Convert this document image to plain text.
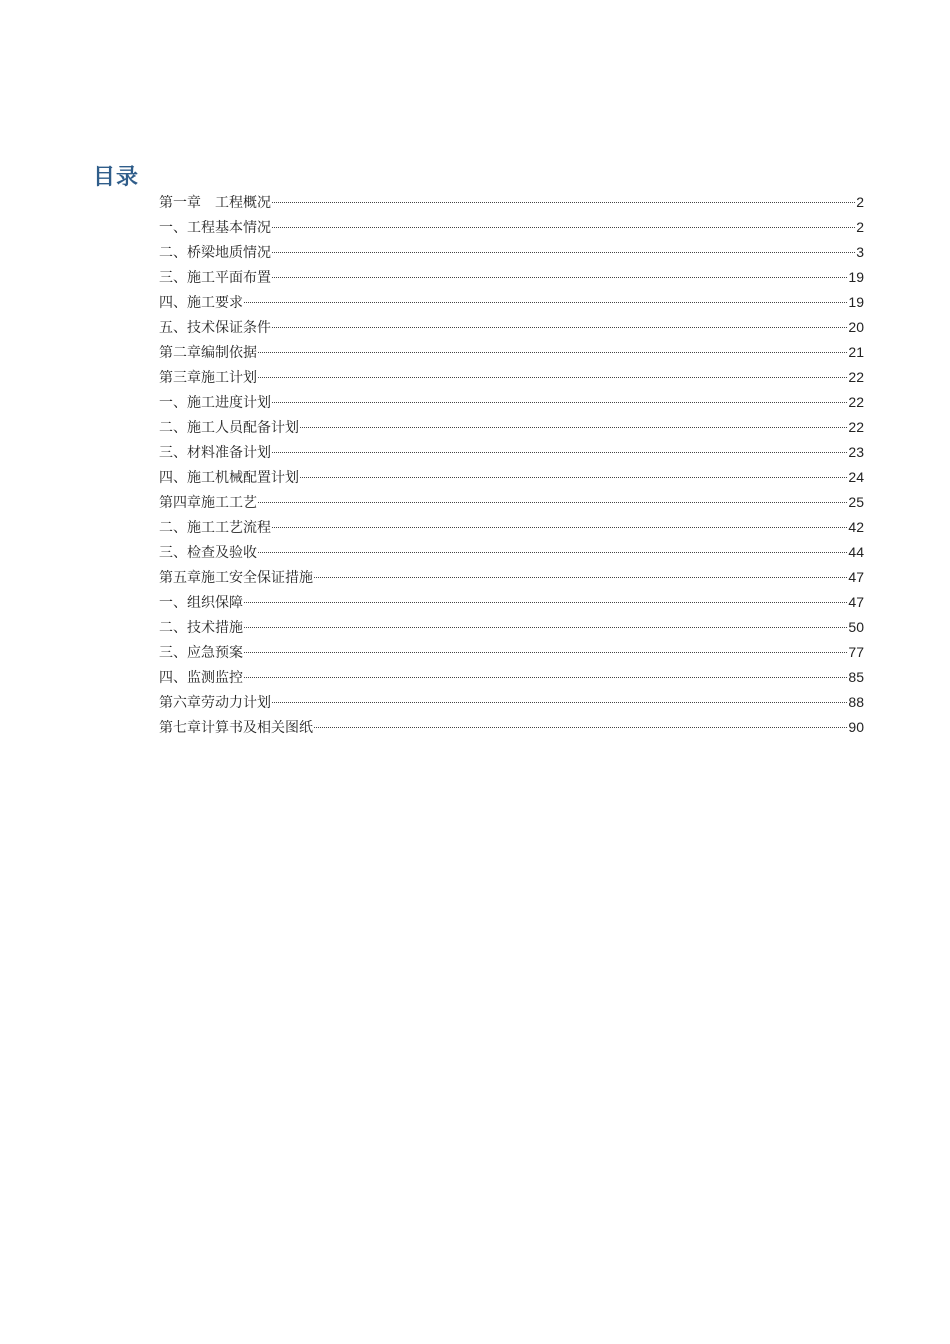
目录
第一章　工程概况	2
一、工程基本情况	2
二、桥梁地质情况	3
三、施工平面布置	19
四、施工要求	19
五、技术保证条件	20
第二章编制依据	21
第三章施工计划	22
一、施工进度计划	22
二、施工人员配备计划	22
三、材料准备计划	23
四、施工机械配置计划	24
第四章施工工艺	25
二、施工工艺流程	42
三、检查及验收	44
第五章施工安全保证措施	47
一、组织保障	47
二、技术措施	50
三、应急预案	77
四、监测监控	85
第六章劳动力计划	88
第七章计算书及相关图纸	90
